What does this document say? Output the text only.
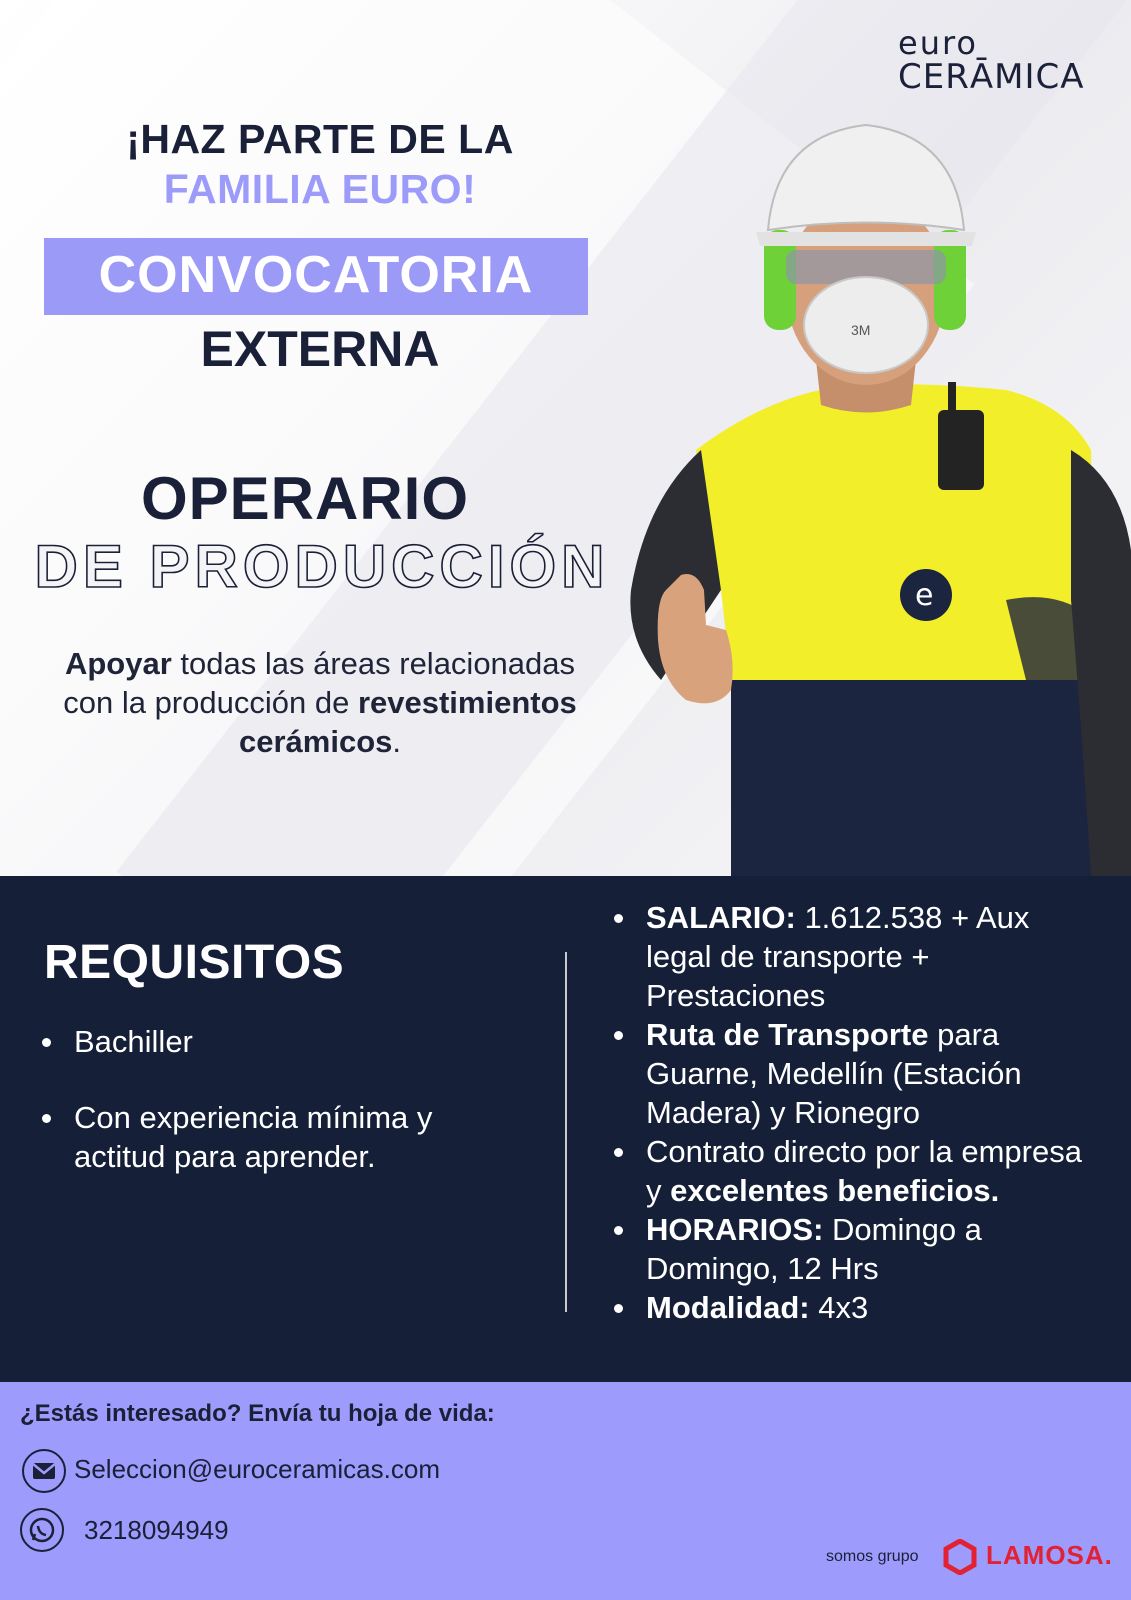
euro
CERĀMICA
¡HAZ PARTE DE LA
FAMILIA EURO!
CONVOCATORIA
EXTERNA
OPERARIO
DE PRODUCCIÓN
Apoyar todas las áreas relacionadas con la producción de revestimientos cerámicos.
3M
e
REQUISITOS
Bachiller
Con experiencia mínima y actitud para aprender.
SALARIO: 1.612.538 + Aux legal de transporte + Prestaciones
Ruta de Transporte para Guarne, Medellín (Estación Madera) y Rionegro
Contrato directo por la empresa y excelentes beneficios.
HORARIOS: Domingo a Domingo, 12 Hrs
Modalidad: 4x3
¿Estás interesado? Envía tu hoja de vida:
Seleccion@euroceramicas.com
3218094949
somos grupo	LAMOSA.
